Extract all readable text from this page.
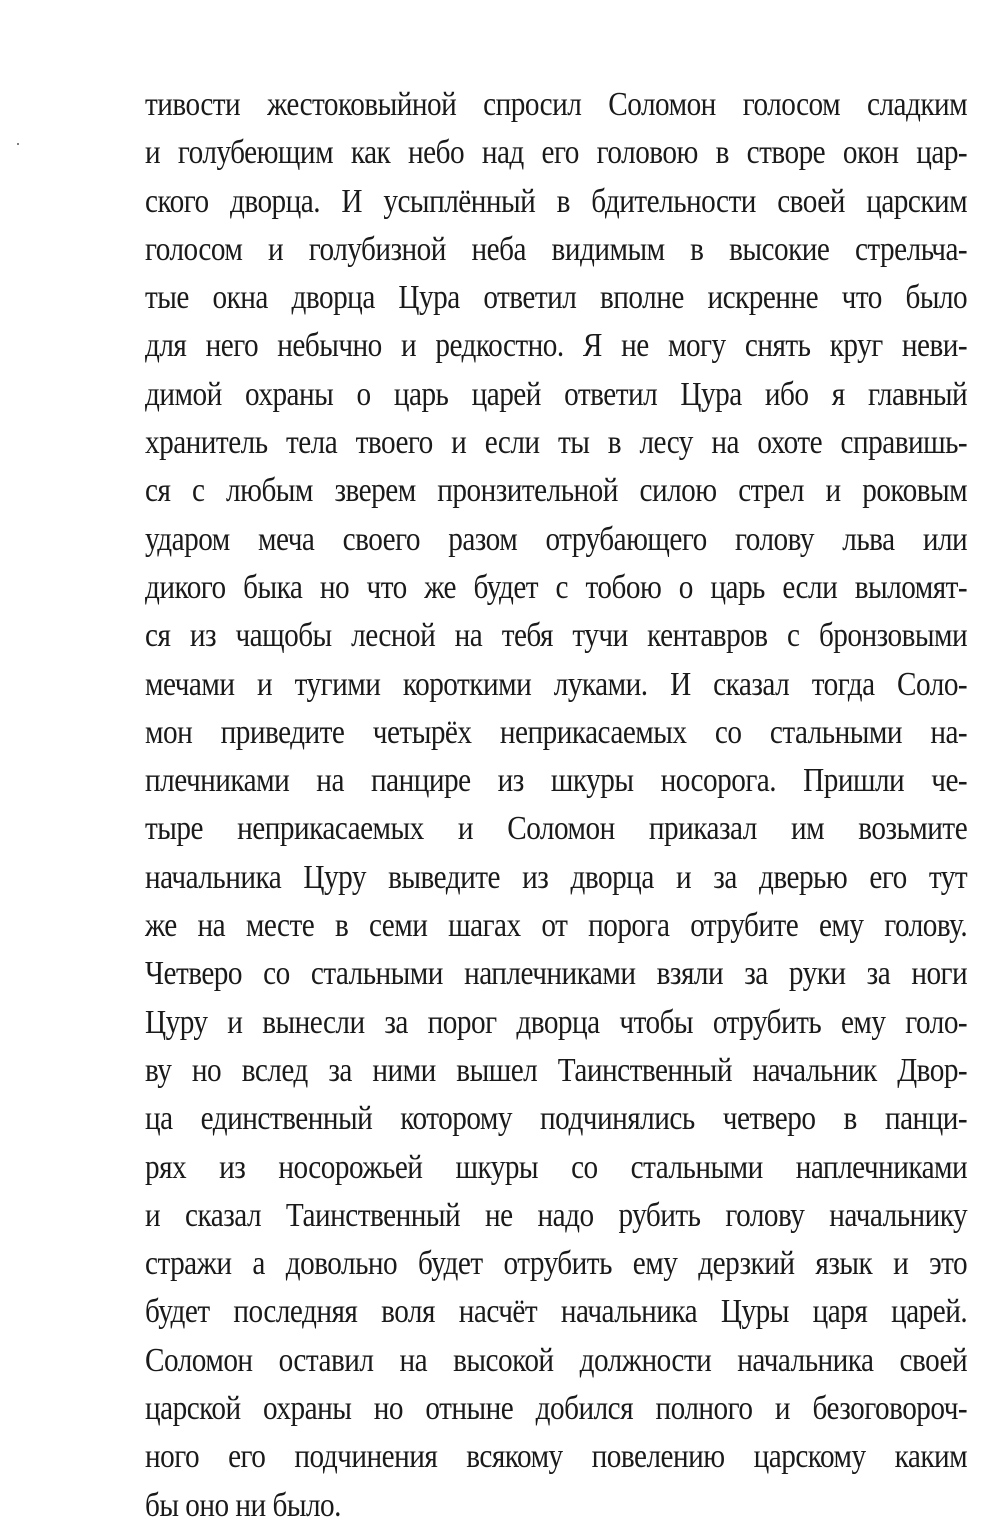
тивости жестоковыйной спросил Соломон голосом сладким
и голубеющим как небо над его головою в створе окон цар-
ского дворца. И усыплённый в бдительности своей царским
голосом и голубизной неба видимым в высокие стрельча-
тые окна дворца Цура ответил вполне искренне что было
для него небычно и редкостно. Я не могу снять круг неви-
димой охраны о царь царей ответил Цура ибо я главный
хранитель тела твоего и если ты в лесу на охоте справишь-
ся с любым зверем пронзительной силою стрел и роковым
ударом меча своего разом отрубающего голову льва или
дикого быка но что же будет с тобою о царь если выломят-
ся из чащобы лесной на тебя тучи кентавров с бронзовыми
мечами и тугими короткими луками. И сказал тогда Соло-
мон приведите четырёх неприкасаемых со стальными на-
плечниками на панцире из шкуры носорога. Пришли че-
тыре неприкасаемых и Соломон приказал им возьмите
начальника Цуру выведите из дворца и за дверью его тут
же на месте в семи шагах от порога отрубите ему голову.
Четверо со стальными наплечниками взяли за руки за ноги
Цуру и вынесли за порог дворца чтобы отрубить ему голо-
ву но вслед за ними вышел Таинственный начальник Двор-
ца единственный которому подчинялись четверо в панци-
рях из носорожьей шкуры со стальными наплечниками
и сказал Таинственный не надо рубить голову начальнику
стражи а довольно будет отрубить ему дерзкий язык и это
будет последняя воля насчёт начальника Цуры царя царей.
Соломон оставил на высокой должности начальника своей
царской охраны но отныне добился полного и безоговороч-
ного его подчинения всякому повелению царскому каким
бы оно ни было.
